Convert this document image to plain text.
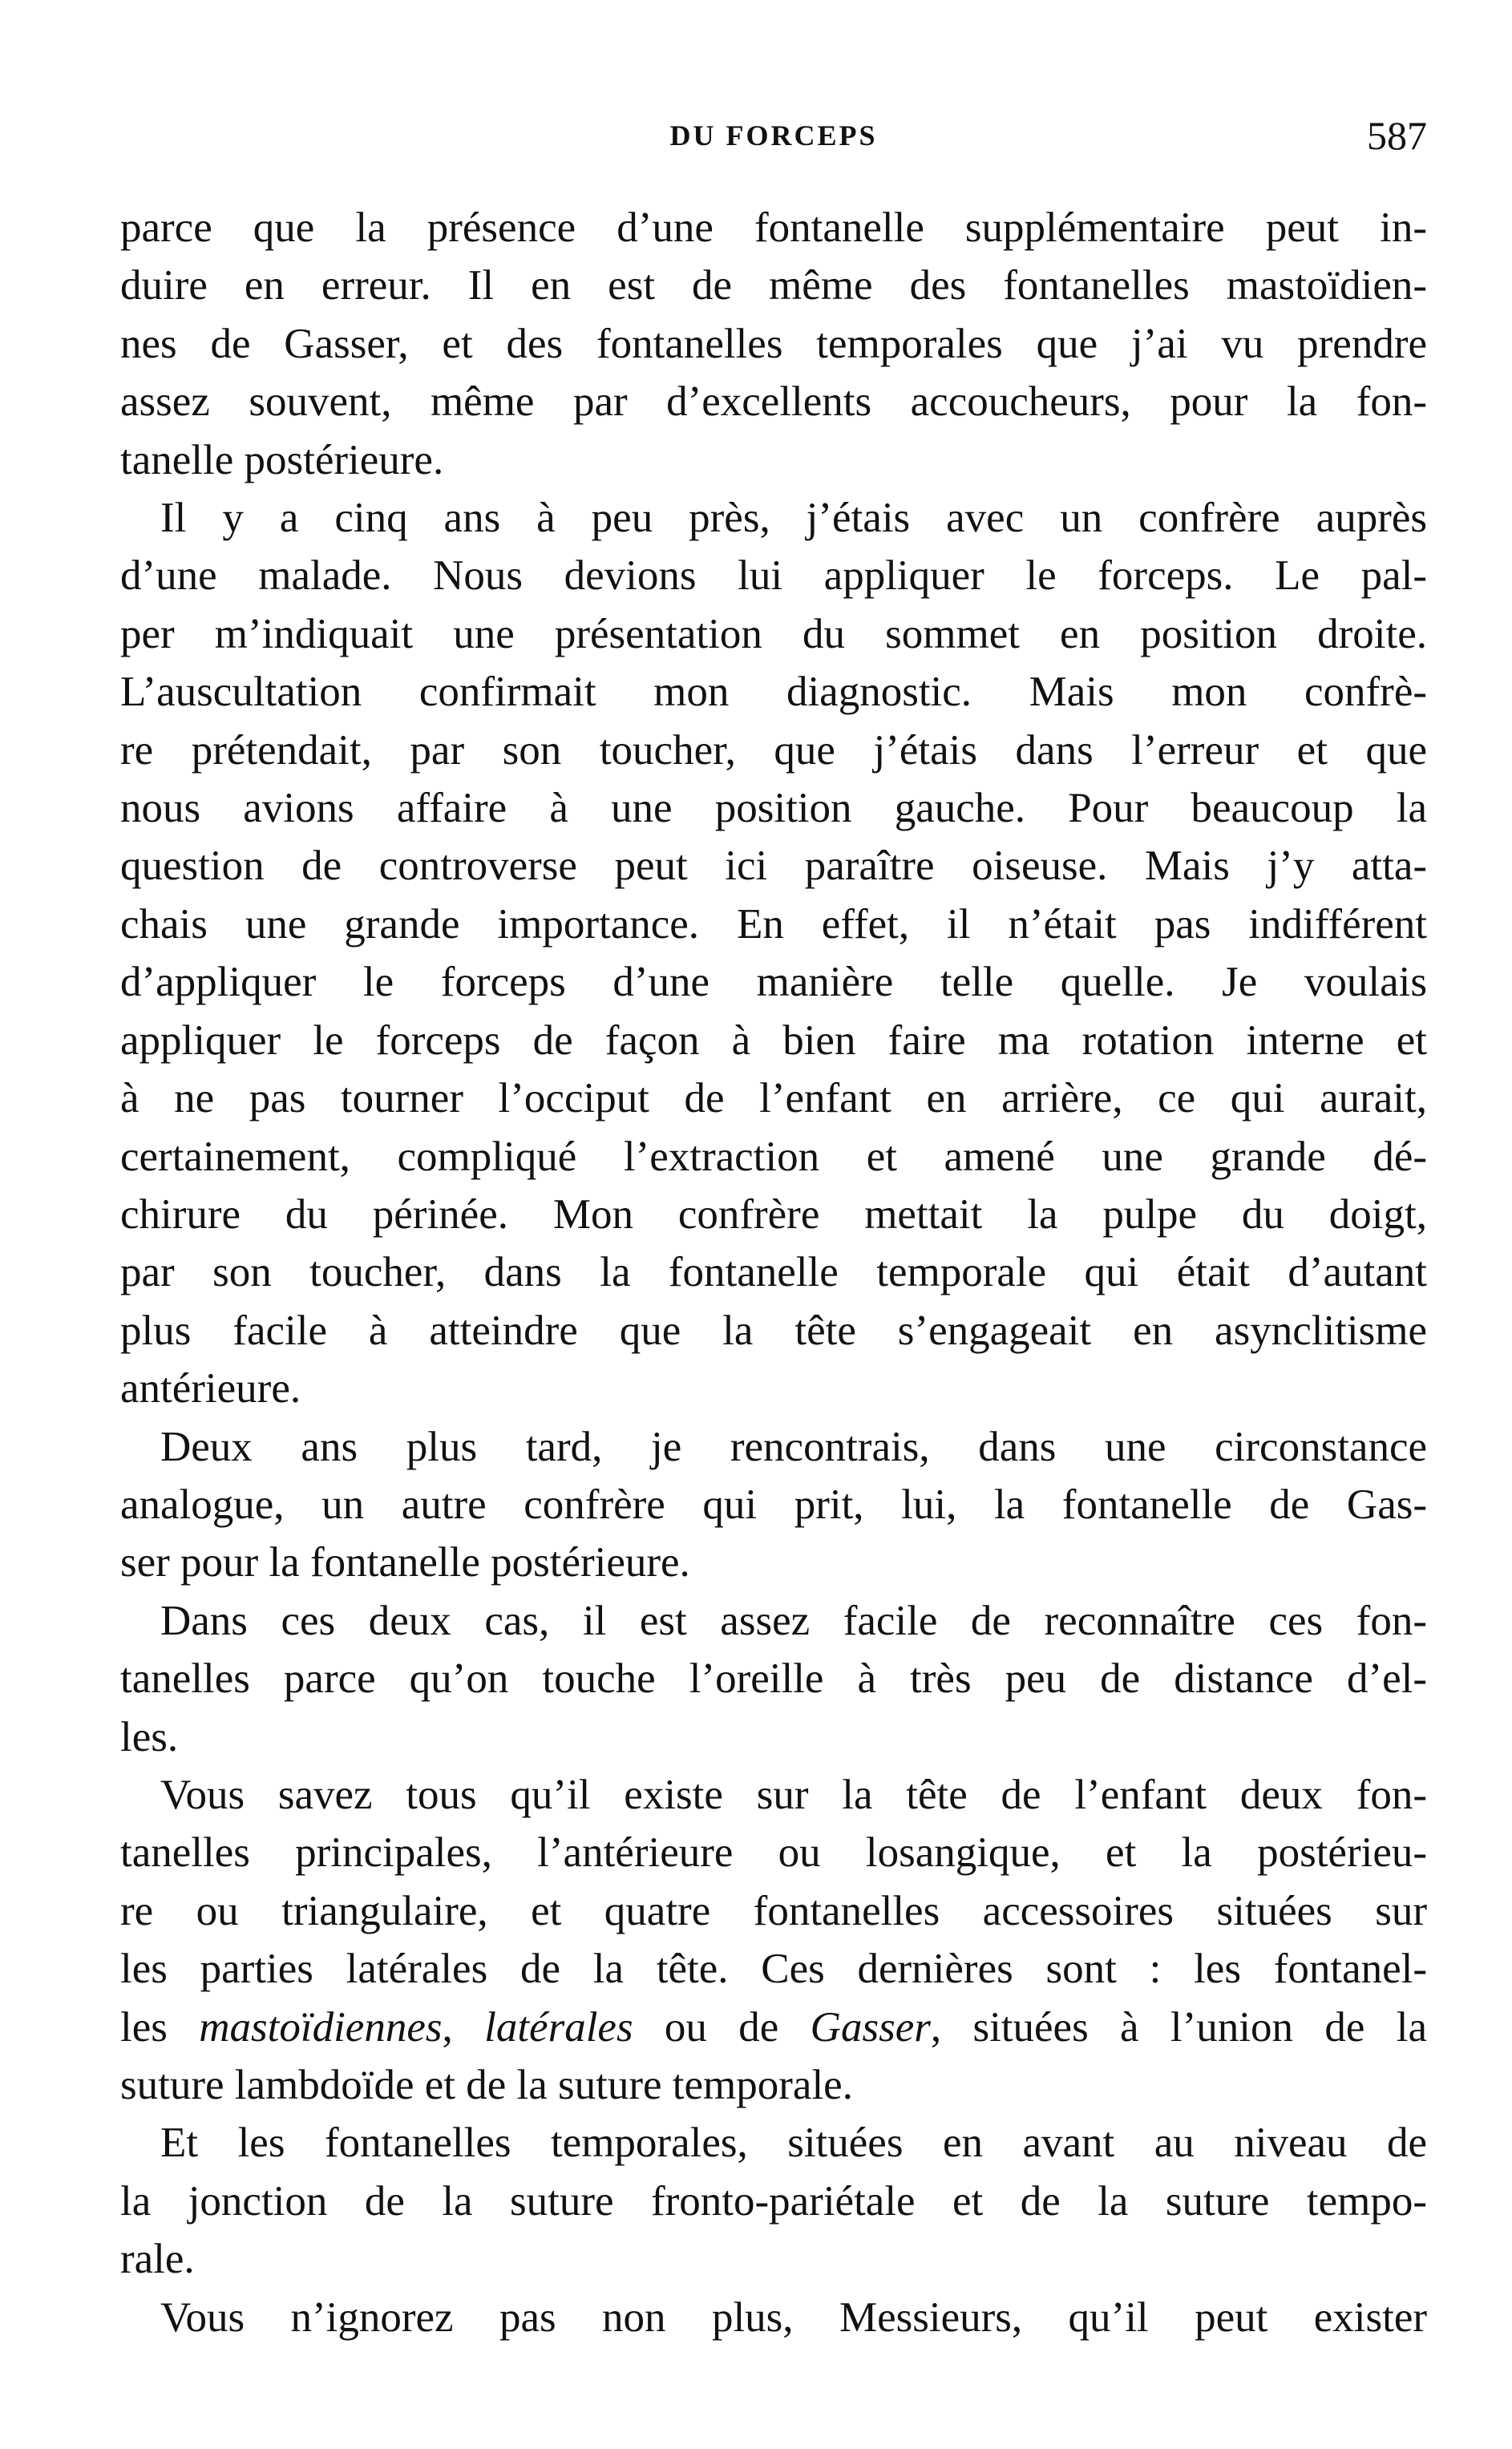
DU FORCEPS	587
parce que la présence d’une fontanelle supplémentaire peut in-
duire en erreur. Il en est de même des fontanelles mastoïdien-
nes de Gasser, et des fontanelles temporales que j’ai vu prendre
assez souvent, même par d’excellents accoucheurs, pour la fon-
tanelle postérieure.
Il y a cinq ans à peu près, j’étais avec un confrère auprès
d’une malade. Nous devions lui appliquer le forceps. Le pal-
per m’indiquait une présentation du sommet en position droite.
L’auscultation confirmait mon diagnostic. Mais mon confrè-
re prétendait, par son toucher, que j’étais dans l’erreur et que
nous avions affaire à une position gauche. Pour beaucoup la
question de controverse peut ici paraître oiseuse. Mais j’y atta-
chais une grande importance. En effet, il n’était pas indifférent
d’appliquer le forceps d’une manière telle quelle. Je voulais
appliquer le forceps de façon à bien faire ma rotation interne et
à ne pas tourner l’occiput de l’enfant en arrière, ce qui aurait,
certainement, compliqué l’extraction et amené une grande dé-
chirure du périnée. Mon confrère mettait la pulpe du doigt,
par son toucher, dans la fontanelle temporale qui était d’autant
plus facile à atteindre que la tête s’engageait en asynclitisme
antérieure.
Deux ans plus tard, je rencontrais, dans une circonstance
analogue, un autre confrère qui prit, lui, la fontanelle de Gas-
ser pour la fontanelle postérieure.
Dans ces deux cas, il est assez facile de reconnaître ces fon-
tanelles parce qu’on touche l’oreille à très peu de distance d’el-
les.
Vous savez tous qu’il existe sur la tête de l’enfant deux fon-
tanelles principales, l’antérieure ou losangique, et la postérieu-
re ou triangulaire, et quatre fontanelles accessoires situées sur
les parties latérales de la tête. Ces dernières sont : les fontanel-
les mastoïdiennes, latérales ou de Gasser, situées à l’union de la
suture lambdoïde et de la suture temporale.
Et les fontanelles temporales, situées en avant au niveau de
la jonction de la suture fronto-pariétale et de la suture tempo-
rale.
Vous n’ignorez pas non plus, Messieurs, qu’il peut exister
